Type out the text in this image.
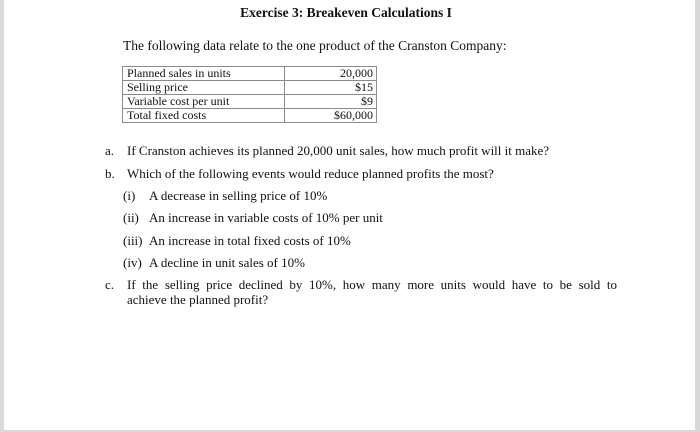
Exercise 3: Breakeven Calculations I
The following data relate to the one product of the Cranston Company:
Planned sales in units	20,000
Selling price	$15
Variable cost per unit	$9
Total fixed costs	$60,000
a. If Cranston achieves its planned 20,000 unit sales, how much profit will it make?
b. Which of the following events would reduce planned profits the most?
(i) A decrease in selling price of 10%
(ii) An increase in variable costs of 10% per unit
(iii) An increase in total fixed costs of 10%
(iv) A decline in unit sales of 10%
c. If the selling price declined by 10%, how many more units would have to be sold to
achieve the planned profit?
